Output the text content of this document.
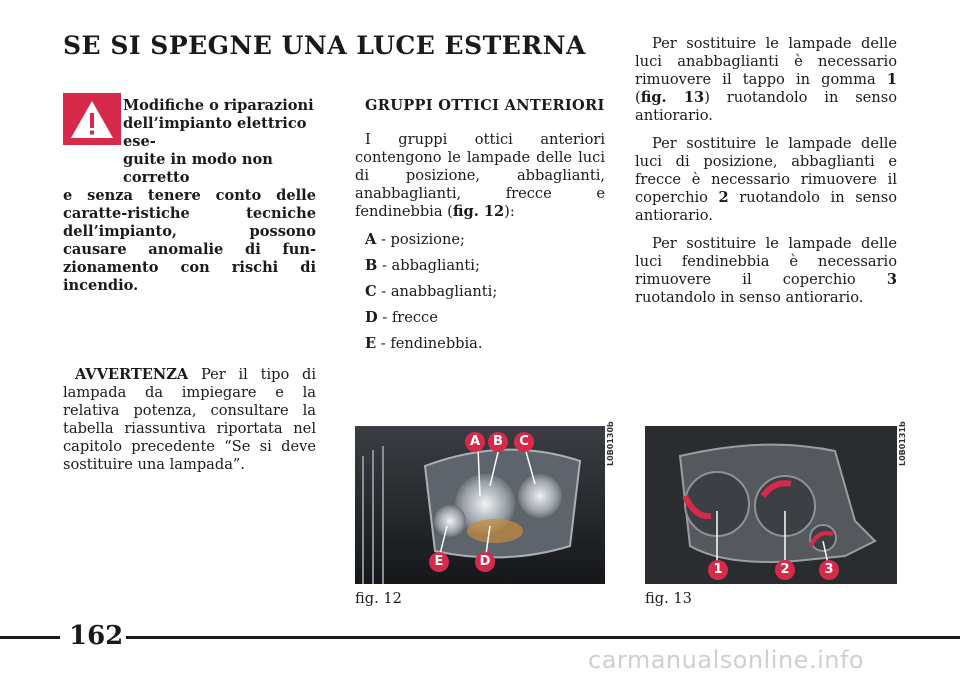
SE SI SPEGNE UNA LUCE ESTERNA
Modifiche o riparazioni
dell’impianto elettrico ese-
guite in modo non corretto
e senza tenere conto delle caratte-ristiche tecniche dell’impianto, possono causare anomalie di fun-zionamento con rischi di incendio.
AVVERTENZA Per il tipo di lampada da impiegare e la relativa potenza, consultare la tabella riassuntiva riportata nel capitolo precedente “Se si deve sostituire una lampada”.
GRUPPI OTTICI ANTERIORI

I gruppi ottici anteriori contengono le lampade delle luci di posizione, abbaglianti, anabbaglianti, frecce e fendinebbia (fig. 12):

A - posizione;
B - abbaglianti;
C - anabbaglianti;
D - frecce
E - fendinebbia.

Per sostituire le lampade delle luci anabbaglianti è necessario rimuovere il tappo in gomma 1 (fig. 13) ruotandolo in senso antiorario.

Per sostituire le lampade delle luci di posizione, abbaglianti e frecce è necessario rimuovere il coperchio 2 ruotandolo in senso antiorario.

Per sostituire le lampade delle luci fendinebbia è necessario rimuovere il coperchio 3 ruotandolo in senso antiorario.

A	B	C
D
E
L0B0130b
fig. 12
1	2	3
L0B0131b
fig. 13
162
carmanualsonline.info
